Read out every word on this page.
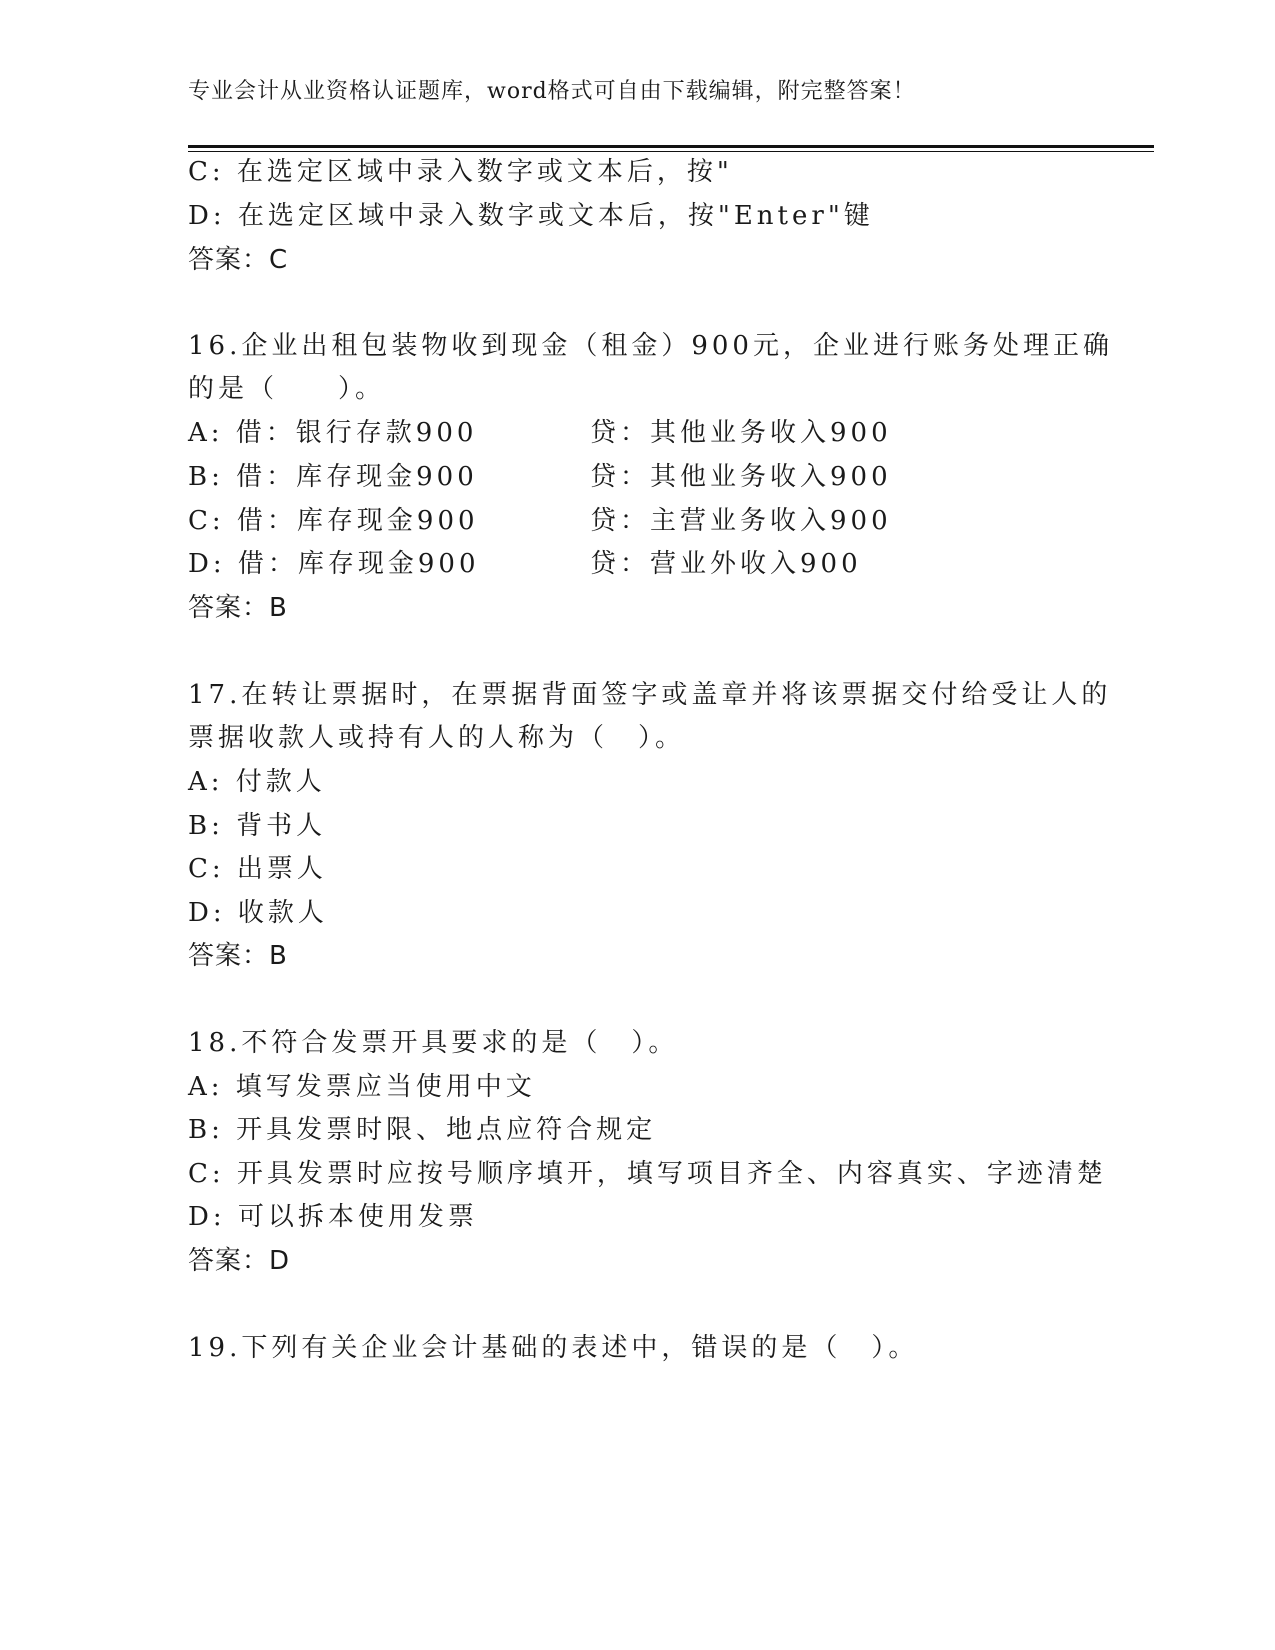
专业会计从业资格认证题库，word格式可自由下载编辑，附完整答案！
C: 在选定区域中录入数字或文本后，按"
D: 在选定区域中录入数字或文本后，按"Enter"键
答案：C
16.企业出租包装物收到现金（租金）900元，企业进行账务处理正确
的是（　　）。
A: 借：银行存款900	贷：其他业务收入900
B: 借：库存现金900	贷：其他业务收入900
C: 借：库存现金900	贷：主营业务收入900
D: 借：库存现金900	贷：营业外收入900
答案：B
17.在转让票据时，在票据背面签字或盖章并将该票据交付给受让人的
票据收款人或持有人的人称为（　）。
A: 付款人
B: 背书人
C: 出票人
D: 收款人
答案：B
18.不符合发票开具要求的是（　）。
A: 填写发票应当使用中文
B: 开具发票时限、地点应符合规定
C: 开具发票时应按号顺序填开，填写项目齐全、内容真实、字迹清楚
D: 可以拆本使用发票
答案：D
19.下列有关企业会计基础的表述中，错误的是（　）。
